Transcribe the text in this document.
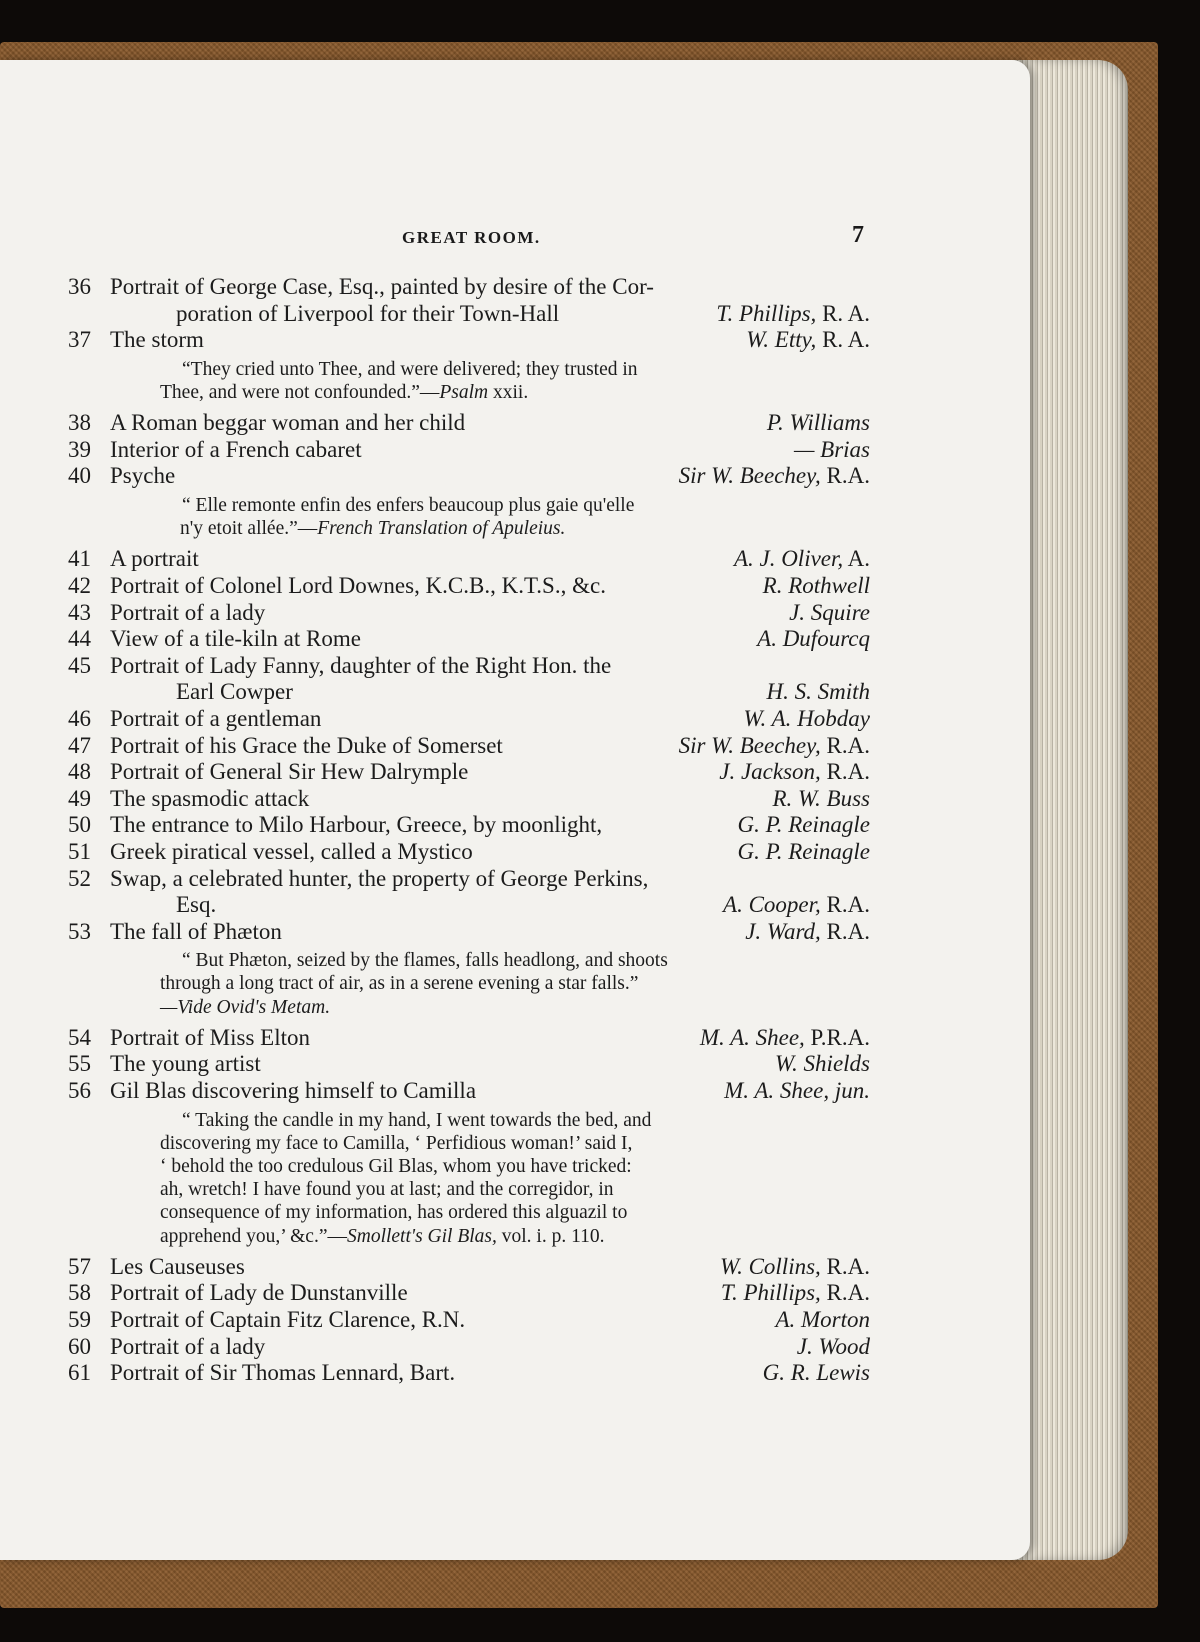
GREAT ROOM.	7
36 Portrait of George Case, Esq., painted by desire of the Cor-
poration of Liverpool for their Town-Hall	T. Phillips, R. A.
37 The storm	W. Etty, R. A.
“They cried unto Thee, and were delivered; they trusted in
Thee, and were not confounded.”—Psalm xxii.
38 A Roman beggar woman and her child	P. Williams
39 Interior of a French cabaret	— Brias
40 Psyche	Sir W. Beechey, R.A.
“ Elle remonte enfin des enfers beaucoup plus gaie qu'elle
n'y etoit allée.”—French Translation of Apuleius.
41 A portrait	A. J. Oliver, A.
42 Portrait of Colonel Lord Downes, K.C.B., K.T.S., &c.	R. Rothwell
43 Portrait of a lady	J. Squire
44 View of a tile-kiln at Rome	A. Dufourcq
45 Portrait of Lady Fanny, daughter of the Right Hon. the
Earl Cowper	H. S. Smith
46 Portrait of a gentleman	W. A. Hobday
47 Portrait of his Grace the Duke of Somerset	Sir W. Beechey, R.A.
48 Portrait of General Sir Hew Dalrymple	J. Jackson, R.A.
49 The spasmodic attack	R. W. Buss
50 The entrance to Milo Harbour, Greece, by moonlight,	G. P. Reinagle
51 Greek piratical vessel, called a Mystico	G. P. Reinagle
52 Swap, a celebrated hunter, the property of George Perkins,
Esq.	A. Cooper, R.A.
53 The fall of Phæton	J. Ward, R.A.
“ But Phæton, seized by the flames, falls headlong, and shoots
through a long tract of air, as in a serene evening a star falls.”
—Vide Ovid's Metam.
54 Portrait of Miss Elton	M. A. Shee, P.R.A.
55 The young artist	W. Shields
56 Gil Blas discovering himself to Camilla	M. A. Shee, jun.
“ Taking the candle in my hand, I went towards the bed, and
discovering my face to Camilla, ‘ Perfidious woman!’ said I,
‘ behold the too credulous Gil Blas, whom you have tricked:
ah, wretch! I have found you at last; and the corregidor, in
consequence of my information, has ordered this alguazil to
apprehend you,’ &c.”—Smollett's Gil Blas, vol. i. p. 110.
57 Les Causeuses	W. Collins, R.A.
58 Portrait of Lady de Dunstanville	T. Phillips, R.A.
59 Portrait of Captain Fitz Clarence, R.N.	A. Morton
60 Portrait of a lady	J. Wood
61 Portrait of Sir Thomas Lennard, Bart.	G. R. Lewis
